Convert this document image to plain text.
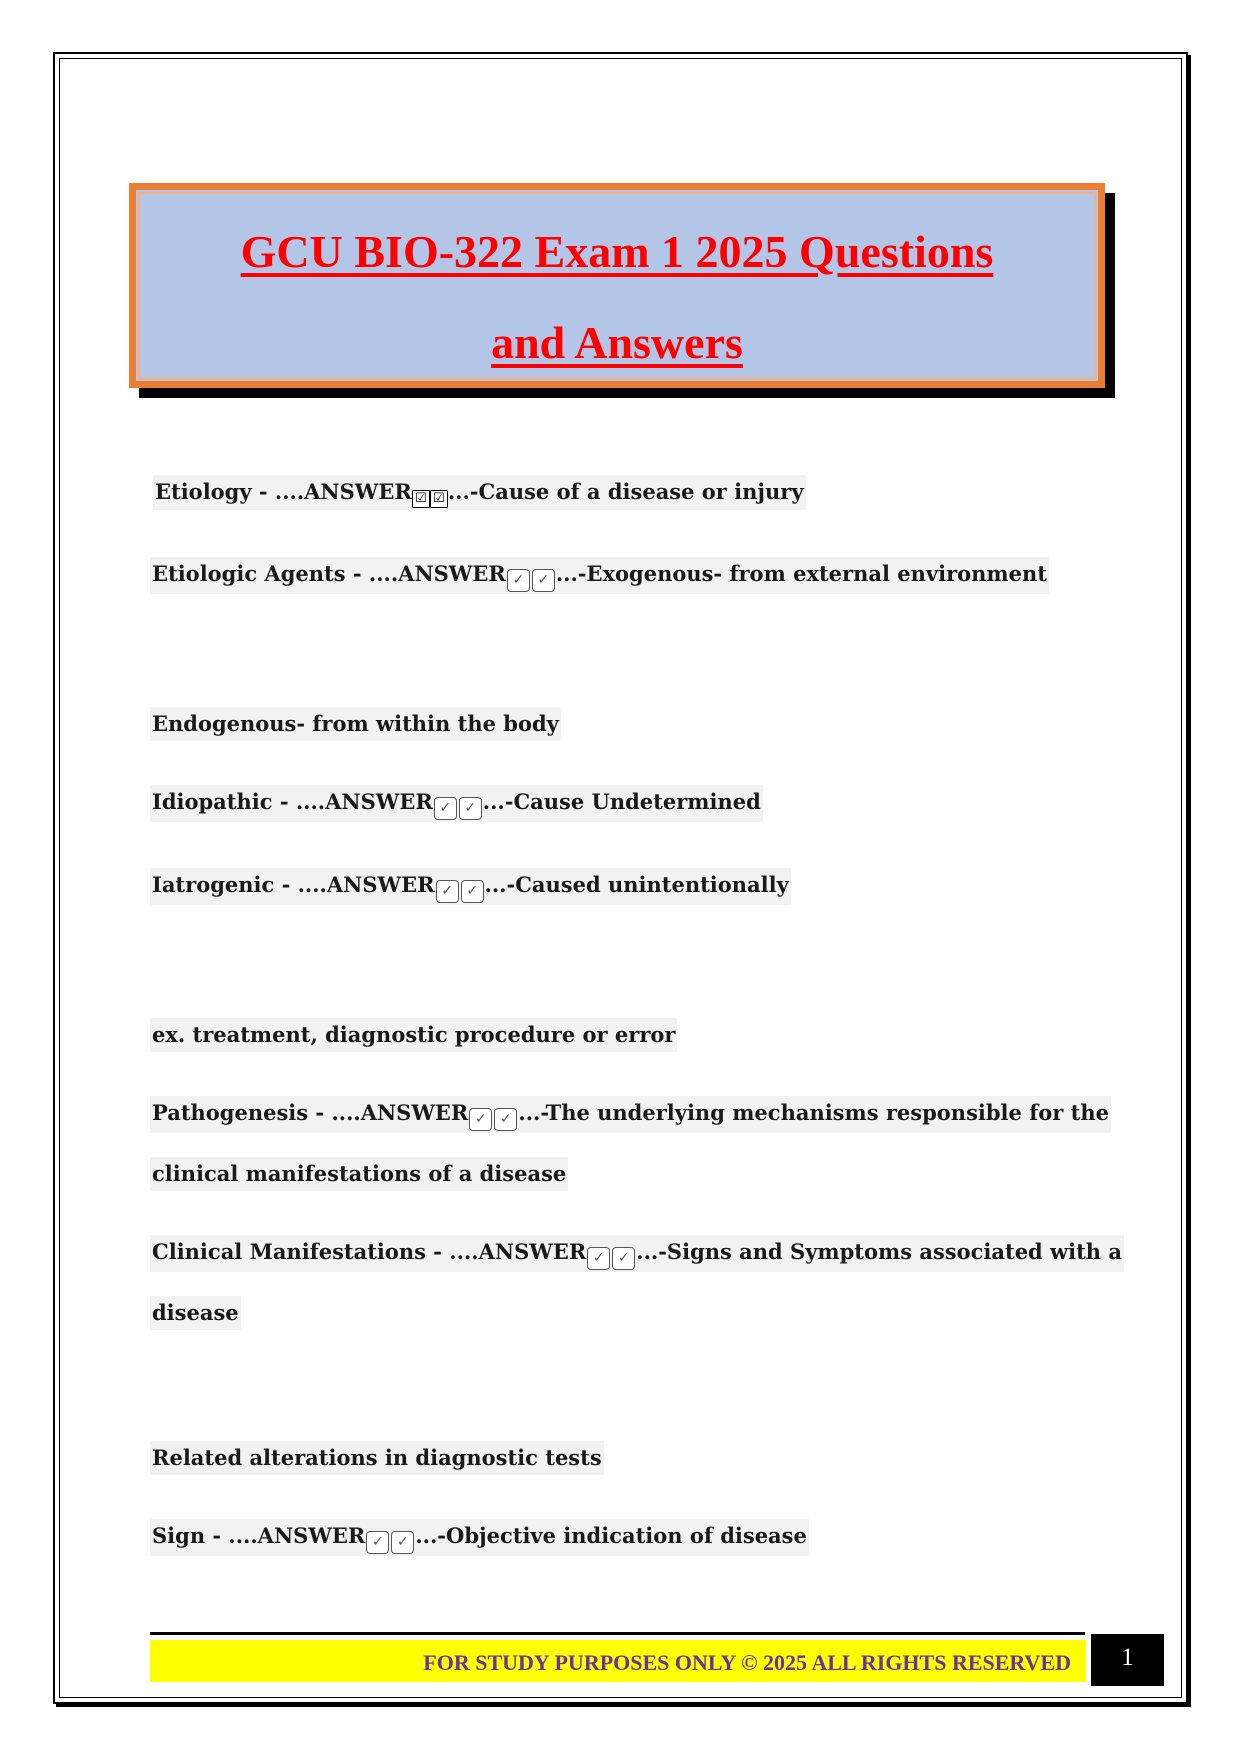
GCU BIO-322 Exam 1 2025 Questions
and Answers
Etiology - ....ANSWER ☑ ☑ ...-Cause of a disease or injury
Etiologic Agents - ....ANSWER ✓ ✓ ...-Exogenous- from external environment
Endogenous- from within the body
Idiopathic - ....ANSWER ✓ ✓ ...-Cause Undetermined
Iatrogenic - ....ANSWER ✓ ✓ ...-Caused unintentionally
ex. treatment, diagnostic procedure or error
Pathogenesis - ....ANSWER ✓ ✓ ...-The underlying mechanisms responsible for the
clinical manifestations of a disease
Clinical Manifestations - ....ANSWER ✓ ✓ ...-Signs and Symptoms associated with a
disease
Related alterations in diagnostic tests
Sign - ....ANSWER ✓ ✓ ...-Objective indication of disease
FOR STUDY PURPOSES ONLY © 2025 ALL RIGHTS RESERVED	1
